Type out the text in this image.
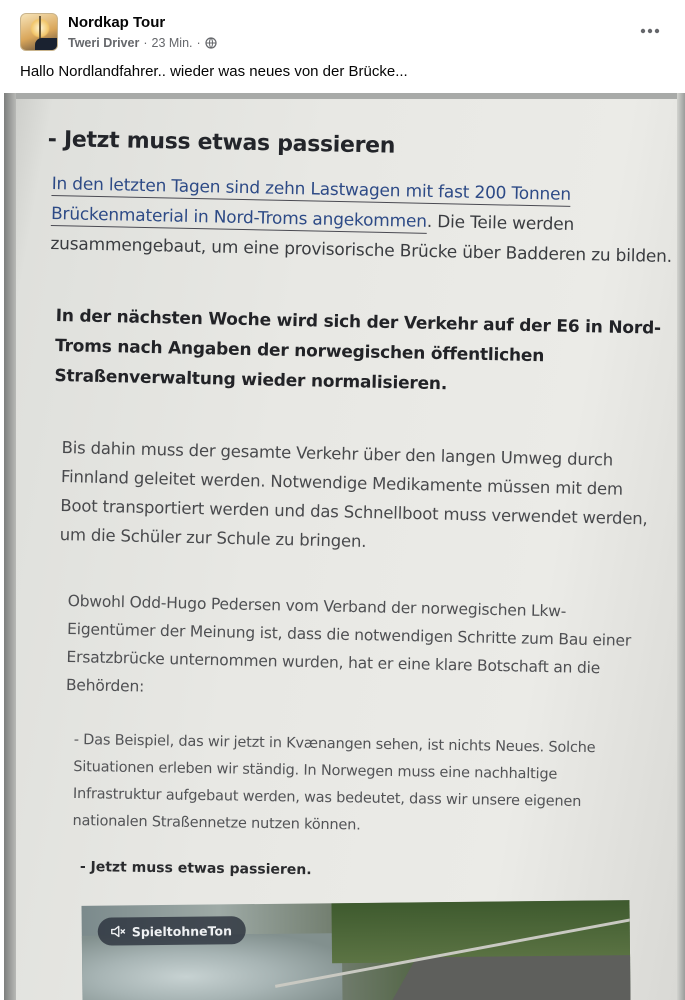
Nordkap Tour
Tweri Driver · 23 Min. ·
Hallo Nordlandfahrer.. wieder was neues von der Brücke...
- Jetzt muss etwas passieren
In den letzten Tagen sind zehn Lastwagen mit fast 200 Tonnen
Brückenmaterial in Nord-Troms angekommen. Die Teile werden
zusammengebaut, um eine provisorische Brücke über Badderen zu bilden.
In der nächsten Woche wird sich der Verkehr auf der E6 in Nord-
Troms nach Angaben der norwegischen öffentlichen
Straßenverwaltung wieder normalisieren.
Bis dahin muss der gesamte Verkehr über den langen Umweg durch
Finnland geleitet werden. Notwendige Medikamente müssen mit dem
Boot transportiert werden und das Schnellboot muss verwendet werden,
um die Schüler zur Schule zu bringen.
Obwohl Odd-Hugo Pedersen vom Verband der norwegischen Lkw-
Eigentümer der Meinung ist, dass die notwendigen Schritte zum Bau einer
Ersatzbrücke unternommen wurden, hat er eine klare Botschaft an die
Behörden:
- Das Beispiel, das wir jetzt in Kvænangen sehen, ist nichts Neues. Solche
Situationen erleben wir ständig. In Norwegen muss eine nachhaltige
Infrastruktur aufgebaut werden, was bedeutet, dass wir unsere eigenen
nationalen Straßennetze nutzen können.
- Jetzt muss etwas passieren.
SpieltohneTon
